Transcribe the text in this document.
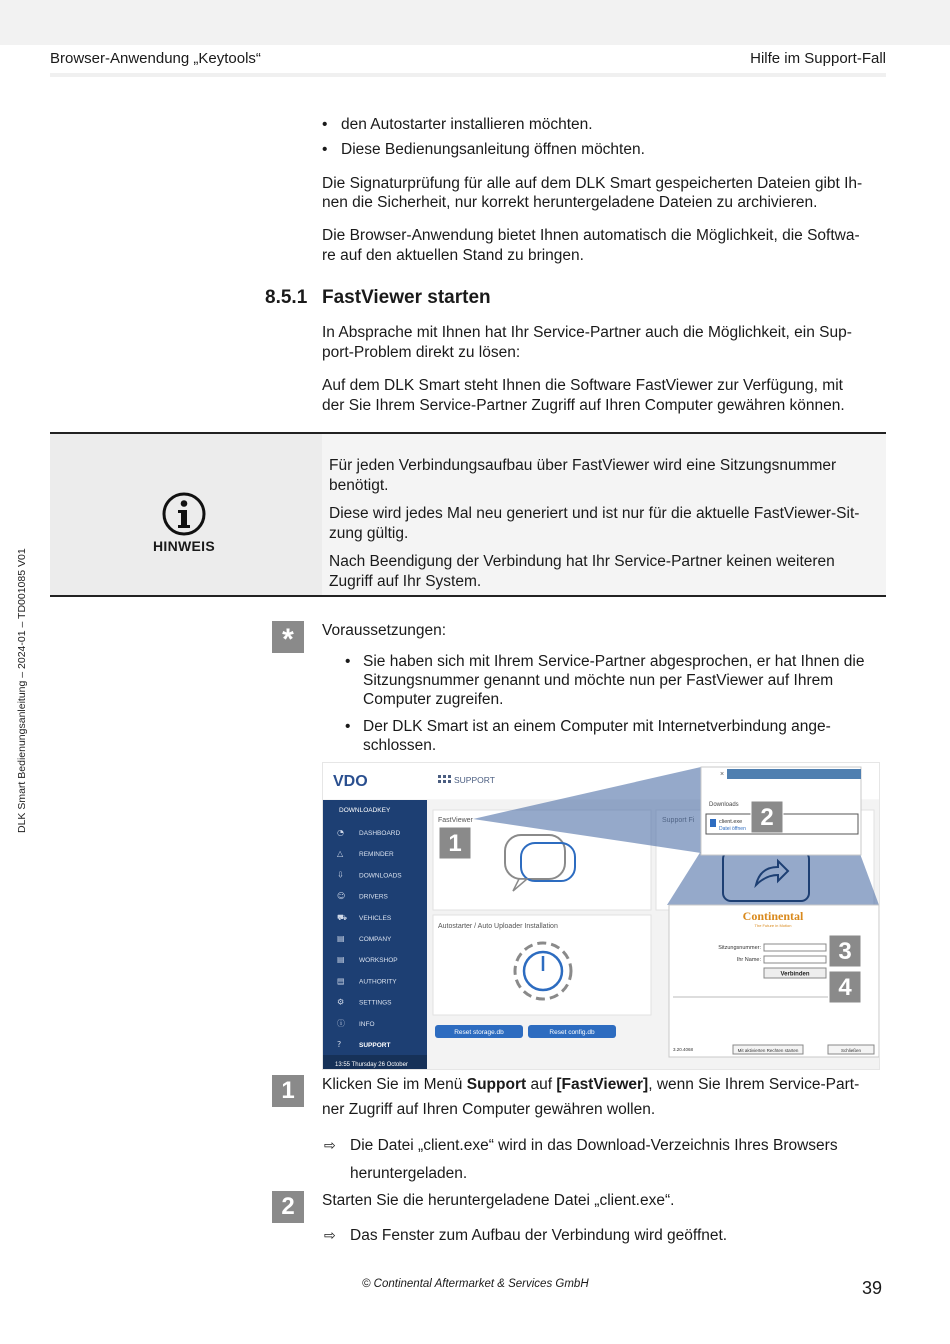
Browser-Anwendung „Keytools“	Hilfe im Support-Fall
DLK Smart Bedienungsanleitung – 2024-01 – TD001085 V01
• den Autostarter installieren möchten.
• Diese Bedienungsanleitung öffnen möchten.
Die Signaturprüfung für alle auf dem DLK Smart gespeicherten Dateien gibt Ih-
nen die Sicherheit, nur korrekt heruntergeladene Dateien zu archivieren.
Die Browser-Anwendung bietet Ihnen automatisch die Möglichkeit, die Softwa-
re auf den aktuellen Stand zu bringen.
8.5.1 FastViewer starten
In Absprache mit Ihnen hat Ihr Service-Partner auch die Möglichkeit, ein Sup-
port-Problem direkt zu lösen:
Auf dem DLK Smart steht Ihnen die Software FastViewer zur Verfügung, mit
der Sie Ihrem Service-Partner Zugriff auf Ihren Computer gewähren können.
HINWEIS
Für jeden Verbindungsaufbau über FastViewer wird eine Sitzungsnummer
benötigt.
Diese wird jedes Mal neu generiert und ist nur für die aktuelle FastViewer-Sit-
zung gültig.
Nach Beendigung der Verbindung hat Ihr Service-Partner keinen weiteren
Zugriff auf Ihr System.
*	Voraussetzungen:
• Sie haben sich mit Ihrem Service-Partner abgesprochen, er hat Ihnen die
Sitzungsnummer genannt und möchte nun per FastViewer auf Ihrem
Computer zugreifen.
• Der DLK Smart ist an einem Computer mit Internetverbindung ange-
schlossen.
VDO	SUPPORT
DOWNLOADKEY
◔ DASHBOARD
△ REMINDER
⇩ DOWNLOADS
☺ DRIVERS
⛟ VEHICLES
▤ COMPANY
▤ WORKSHOP
▤ AUTHORITY
⚙ SETTINGS
ⓘ INFO
?	SUPPORT
13:55 Thursday 26 October
FastViewer
Autostarter / Auto Uploader Installation
Reset storage.db	Reset config.db
×
Downloads
client.exe
Datei öffnen
Continental
The Future in Motion
Sitzungsnummer:
Ihr Name:
Verbinden
3.20.4068	Mit aktivierten Rechten starten	Schließen
1
2
3
4
1	Klicken Sie im Menü Support auf [FastViewer], wenn Sie Ihrem Service-Part-
ner Zugriff auf Ihren Computer gewähren wollen.
⇨ Die Datei „client.exe“ wird in das Download-Verzeichnis Ihres Browsers
heruntergeladen.
2	Starten Sie die heruntergeladene Datei „client.exe“.
⇨ Das Fenster zum Aufbau der Verbindung wird geöffnet.
© Continental Aftermarket & Services GmbH	39
